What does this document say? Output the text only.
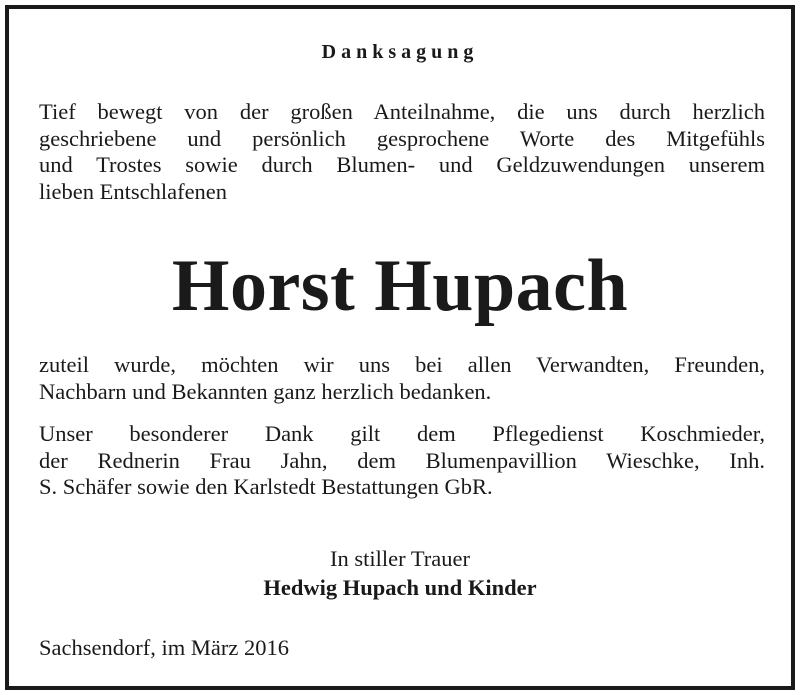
Danksagung
Tief bewegt von der großen Anteilnahme, die uns durch herzlich
geschriebene und persönlich gesprochene Worte des Mitgefühls
und Trostes sowie durch Blumen- und Geldzuwendungen unserem
lieben Entschlafenen
Horst Hupach
zuteil wurde, möchten wir uns bei allen Verwandten, Freunden,
Nachbarn und Bekannten ganz herzlich bedanken.
Unser besonderer Dank gilt dem Pflegedienst Koschmieder,
der Rednerin Frau Jahn, dem Blumenpavillion Wieschke, Inh.
S. Schäfer sowie den Karlstedt Bestattungen GbR.
In stiller Trauer
Hedwig Hupach und Kinder
Sachsendorf, im März 2016
